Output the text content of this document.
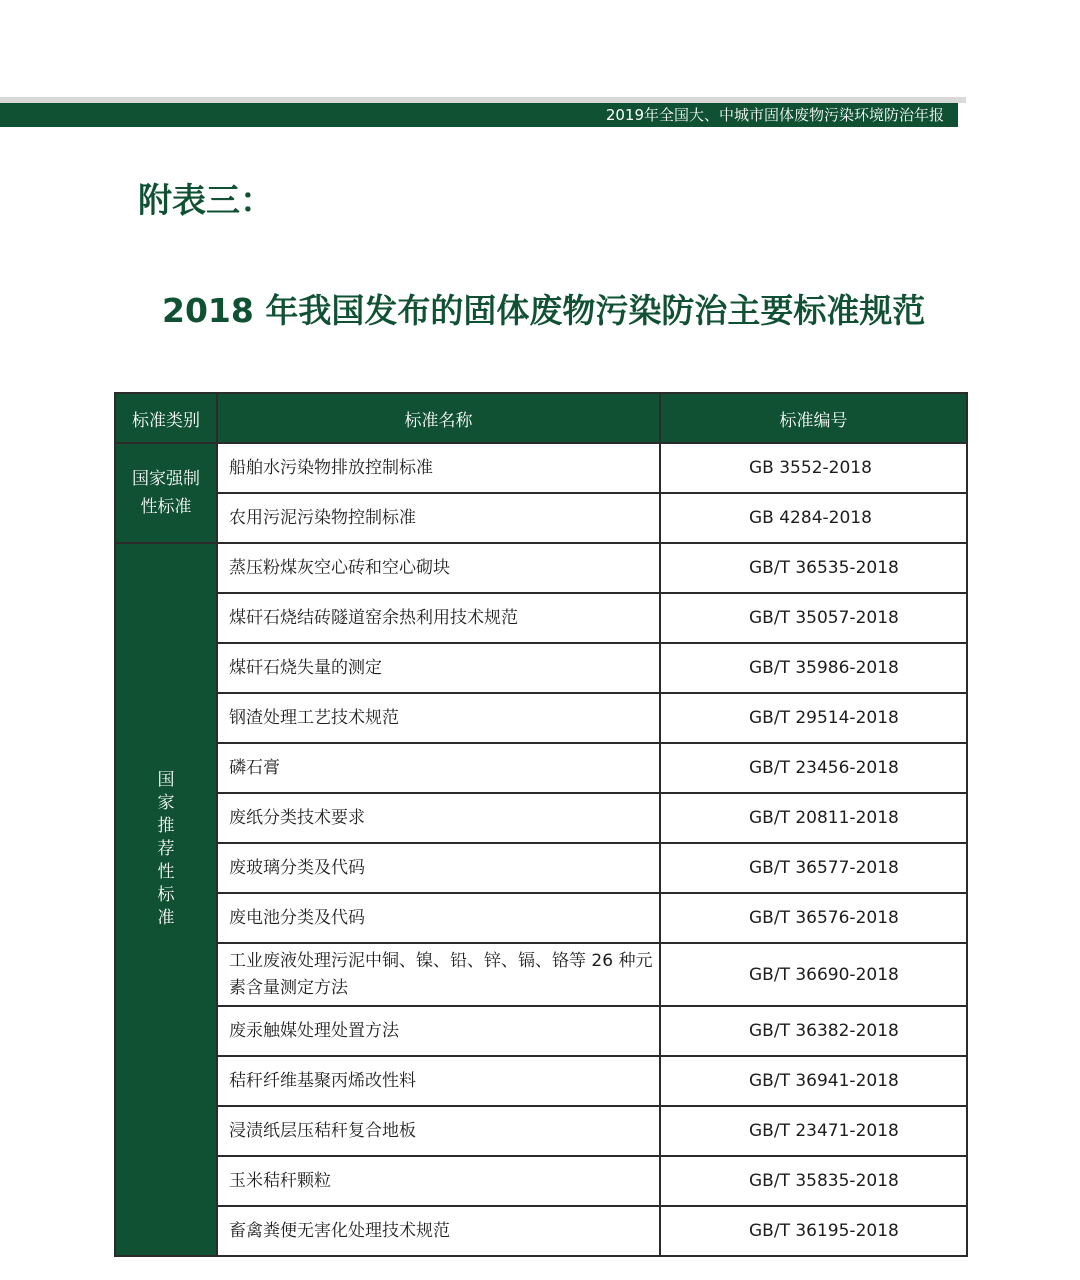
2019年全国大、中城市固体废物污染环境防治年报
附表三：
2018 年我国发布的固体废物污染防治主要标准规范
标准类别	标准名称	标准编号

国家强制性标准	船舶水污染物排放控制标准	GB 3552-2018
	农用污泥污染物控制标准	GB 4284-2018

国家推荐性标准	蒸压粉煤灰空心砖和空心砌块	GB/T 36535-2018
	煤矸石烧结砖隧道窑余热利用技术规范	GB/T 35057-2018
	煤矸石烧失量的测定	GB/T 35986-2018
	钢渣处理工艺技术规范	GB/T 29514-2018
	磷石膏	GB/T 23456-2018
	废纸分类技术要求	GB/T 20811-2018
	废玻璃分类及代码	GB/T 36577-2018
	废电池分类及代码	GB/T 36576-2018
	工业废液处理污泥中铜、镍、铅、锌、镉、铬等 26 种元素含量测定方法	GB/T 36690-2018
	废汞触媒处理处置方法	GB/T 36382-2018
	秸秆纤维基聚丙烯改性料	GB/T 36941-2018
	浸渍纸层压秸秆复合地板	GB/T 23471-2018
	玉米秸秆颗粒	GB/T 35835-2018
	畜禽粪便无害化处理技术规范	GB/T 36195-2018
